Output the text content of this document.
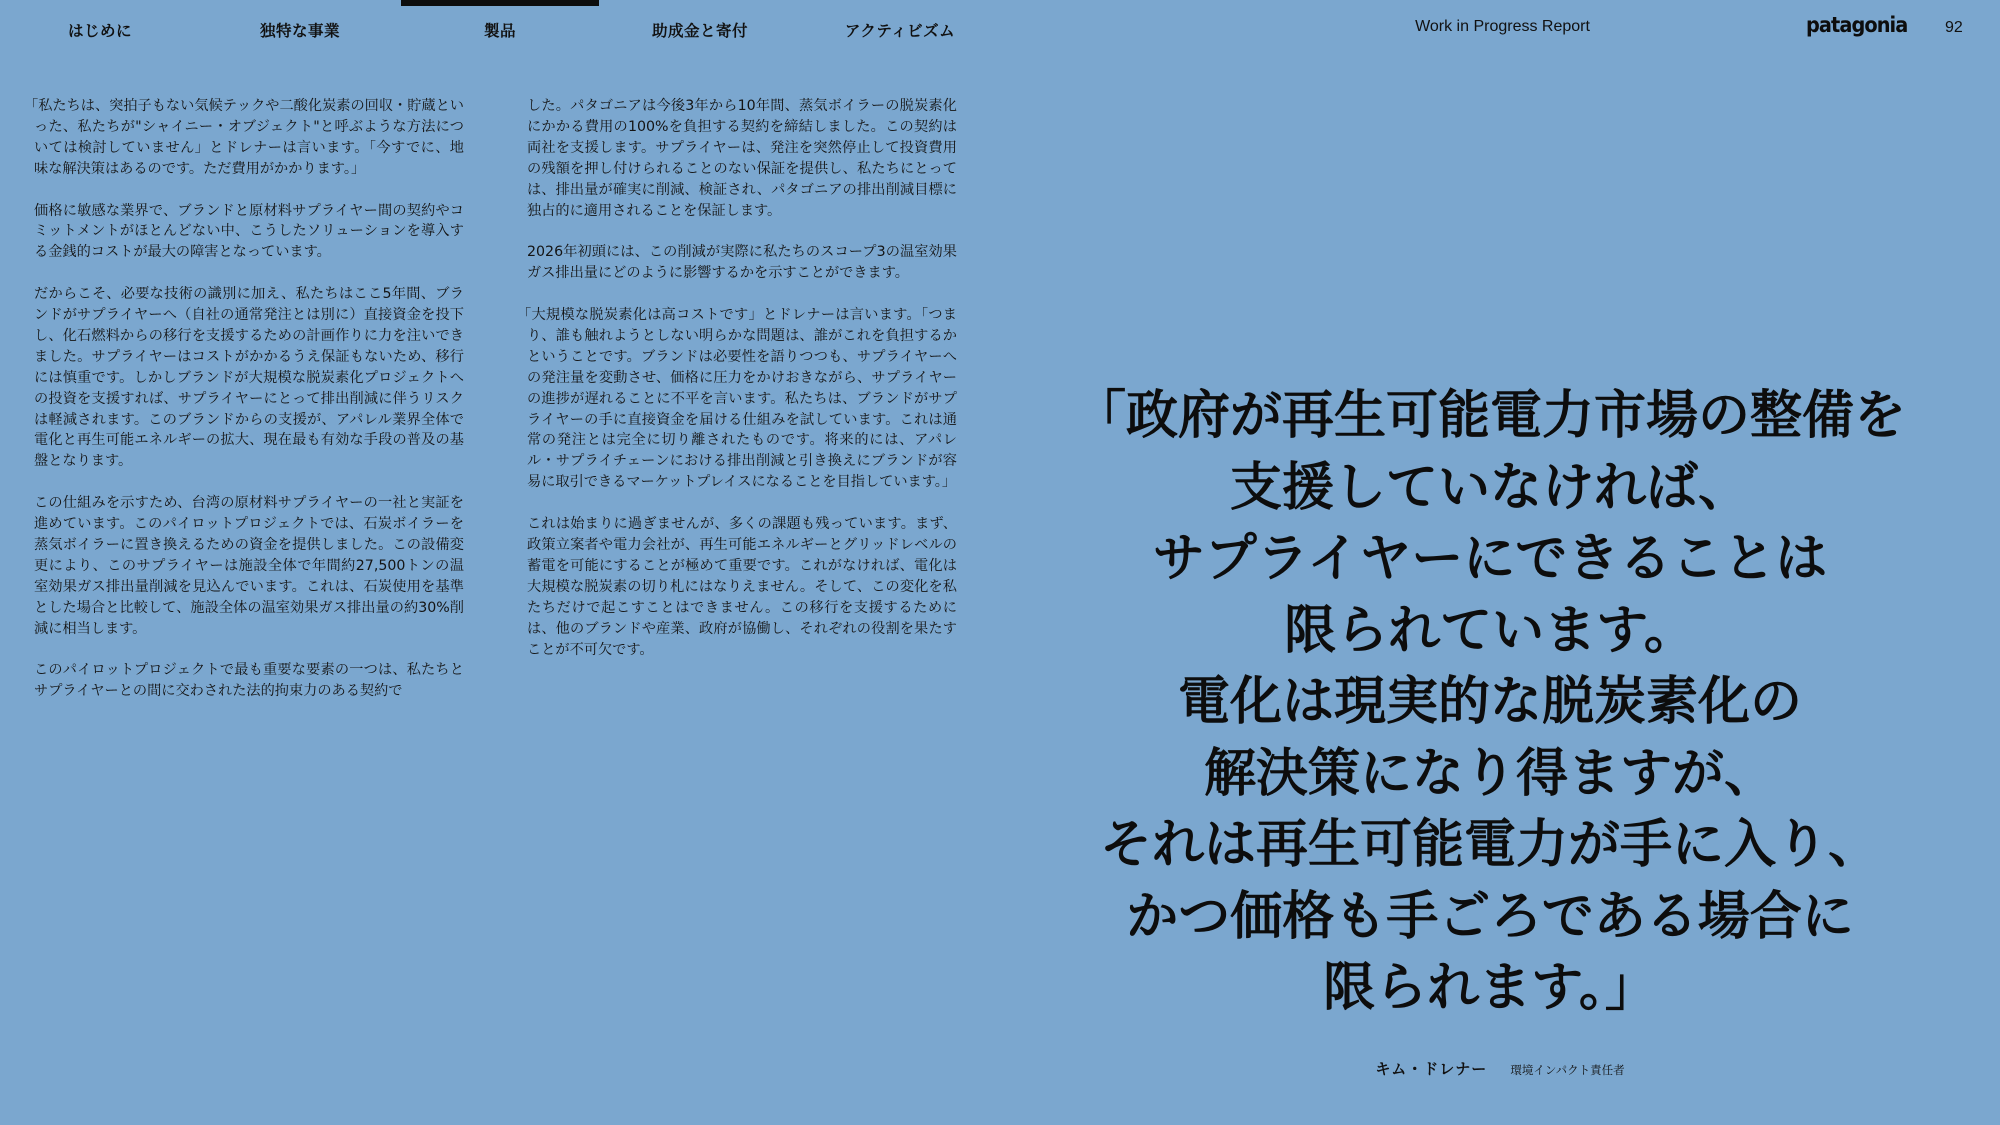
はじめに	独特な事業	製品	助成金と寄付	アクティビズム	Work in Progress Report	patagonia 92

「私たちは、突拍子もない気候テックや二酸化炭素の回収・貯蔵といった、私たちが"シャイニー・オブジェクト"と呼ぶような方法については検討していません」とドレナーは言います。「今すでに、地味な解決策はあるのです。ただ費用がかかります。」

価格に敏感な業界で、ブランドと原材料サプライヤー間の契約やコミットメントがほとんどない中、こうしたソリューションを導入する金銭的コストが最大の障害となっています。

だからこそ、必要な技術の識別に加え、私たちはここ5年間、ブランドがサプライヤーへ（自社の通常発注とは別に）直接資金を投下し、化石燃料からの移行を支援するための計画作りに力を注いできました。サプライヤーはコストがかかるうえ保証もないため、移行には慎重です。しかしブランドが大規模な脱炭素化プロジェクトへの投資を支援すれば、サプライヤーにとって排出削減に伴うリスクは軽減されます。このブランドからの支援が、アパレル業界全体で電化と再生可能エネルギーの拡大、現在最も有効な手段の普及の基盤となります。

この仕組みを示すため、台湾の原材料サプライヤーの一社と実証を進めています。このパイロットプロジェクトでは、石炭ボイラーを蒸気ボイラーに置き換えるための資金を提供しました。この設備変更により、このサプライヤーは施設全体で年間約27,500トンの温室効果ガス排出量削減を見込んでいます。これは、石炭使用を基準とした場合と比較して、施設全体の温室効果ガス排出量の約30%削減に相当します。

このパイロットプロジェクトで最も重要な要素の一つは、私たちとサプライヤーとの間に交わされた法的拘束力のある契約で

した。パタゴニアは今後3年から10年間、蒸気ボイラーの脱炭素化にかかる費用の100%を負担する契約を締結しました。この契約は両社を支援します。サプライヤーは、発注を突然停止して投資費用の残額を押し付けられることのない保証を提供し、私たちにとっては、排出量が確実に削減、検証され、パタゴニアの排出削減目標に独占的に適用されることを保証します。

2026年初頭には、この削減が実際に私たちのスコープ3の温室効果ガス排出量にどのように影響するかを示すことができます。

「大規模な脱炭素化は高コストです」とドレナーは言います。「つまり、誰も触れようとしない明らかな問題は、誰がこれを負担するかということです。ブランドは必要性を語りつつも、サプライヤーへの発注量を変動させ、価格に圧力をかけおきながら、サプライヤーの進捗が遅れることに不平を言います。私たちは、ブランドがサプライヤーの手に直接資金を届ける仕組みを試しています。これは通常の発注とは完全に切り離されたものです。将来的には、アパレル・サプライチェーンにおける排出削減と引き換えにブランドが容易に取引できるマーケットプレイスになることを目指しています。」

これは始まりに過ぎませんが、多くの課題も残っています。まず、政策立案者や電力会社が、再生可能エネルギーとグリッドレベルの蓄電を可能にすることが極めて重要です。これがなければ、電化は大規模な脱炭素の切り札にはなりえません。そして、この変化を私たちだけで起こすことはできません。この移行を支援するためには、他のブランドや産業、政府が協働し、それぞれの役割を果たすことが不可欠です。

「政府が再生可能電力市場の整備を
支援していなければ、
サプライヤーにできることは
限られています。
電化は現実的な脱炭素化の
解決策になり得ますが、
それは再生可能電力が手に入り、
かつ価格も手ごろである場合に
限られます。」
キム・ドレナー 環境インパクト責任者
